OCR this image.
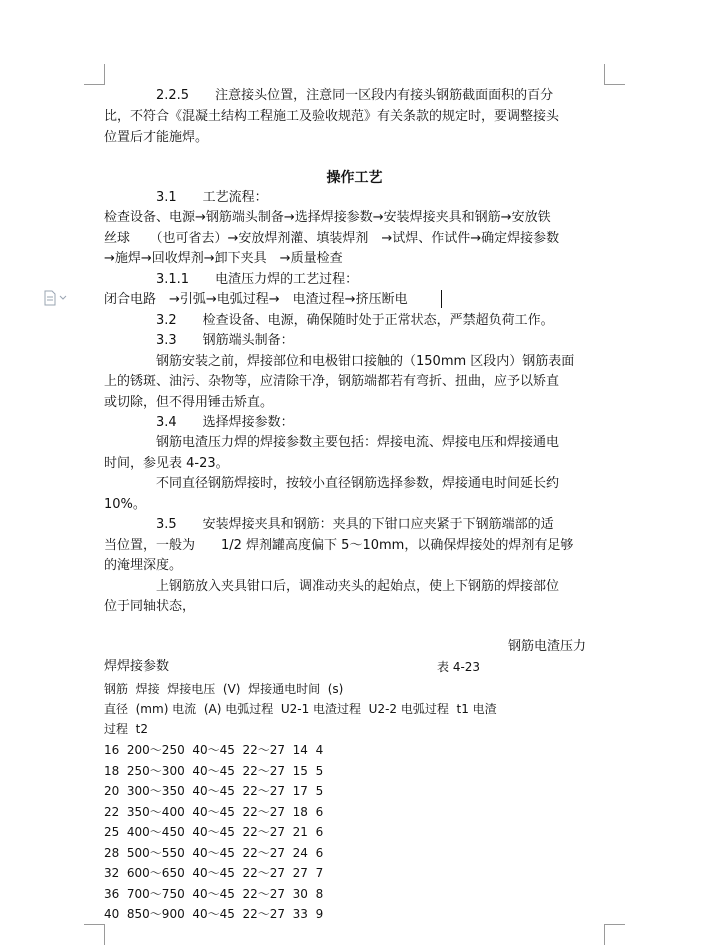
　　　　2.2.5　　注意接头位置，注意同一区段内有接头钢筋截面面积的百分
比，不符合《混凝土结构工程施工及验收规范》有关条款的规定时，要调整接头
位置后才能施焊。
操作工艺
　　　　3.1　　工艺流程：
检查设备、电源→钢筋端头制备→选择焊接参数→安装焊接夹具和钢筋→安放铁
丝球　　（也可省去）→安放焊剂灌、填装焊剂　→试焊、作试件→确定焊接参数
→施焊→回收焊剂→卸下夹具　→质量检查
　　　　3.1.1　　电渣压力焊的工艺过程：
闭合电路　→引弧→电弧过程→　电渣过程→挤压断电
　　　　3.2　　检查设备、电源，确保随时处于正常状态，严禁超负荷工作。
　　　　3.3　　钢筋端头制备：
　　　　钢筋安装之前，焊接部位和电极钳口接触的（150mm 区段内）钢筋表面
上的锈斑、油污、杂物等，应清除干净，钢筋端都若有弯折、扭曲，应予以矫直
或切除，但不得用锤击矫直。
　　　　3.4　　选择焊接参数：
　　　　钢筋电渣压力焊的焊接参数主要包括：焊接电流、焊接电压和焊接通电
时间，参见表 4-23。
　　　　不同直径钢筋焊接时，按较小直径钢筋选择参数，焊接通电时间延长约
10%。
　　　　3.5　　安装焊接夹具和钢筋：夹具的下钳口应夹紧于下钢筋端部的适
当位置，一般为　　1/2 焊剂罐高度偏下 5～10mm，以确保焊接处的焊剂有足够
的淹埋深度。
　　　　上钢筋放入夹具钳口后，调准动夹头的起始点，使上下钢筋的焊接部位
位于同轴状态，
钢筋电渣压力
焊焊接参数	表 4-23
钢筋  焊接  焊接电压  (V)  焊接通电时间  (s)
直径  (mm) 电流  (A) 电弧过程  U2-1 电渣过程  U2-2 电弧过程  t1 电渣
过程  t2
16  200～250  40～45  22～27  14  4
18  250～300  40～45  22～27  15  5
20  300～350  40～45  22～27  17  5
22  350～400  40～45  22～27  18  6
25  400～450  40～45  22～27  21  6
28  500～550  40～45  22～27  24  6
32  600～650  40～45  22～27  27  7
36  700～750  40～45  22～27  30  8
40  850～900  40～45  22～27  33  9
